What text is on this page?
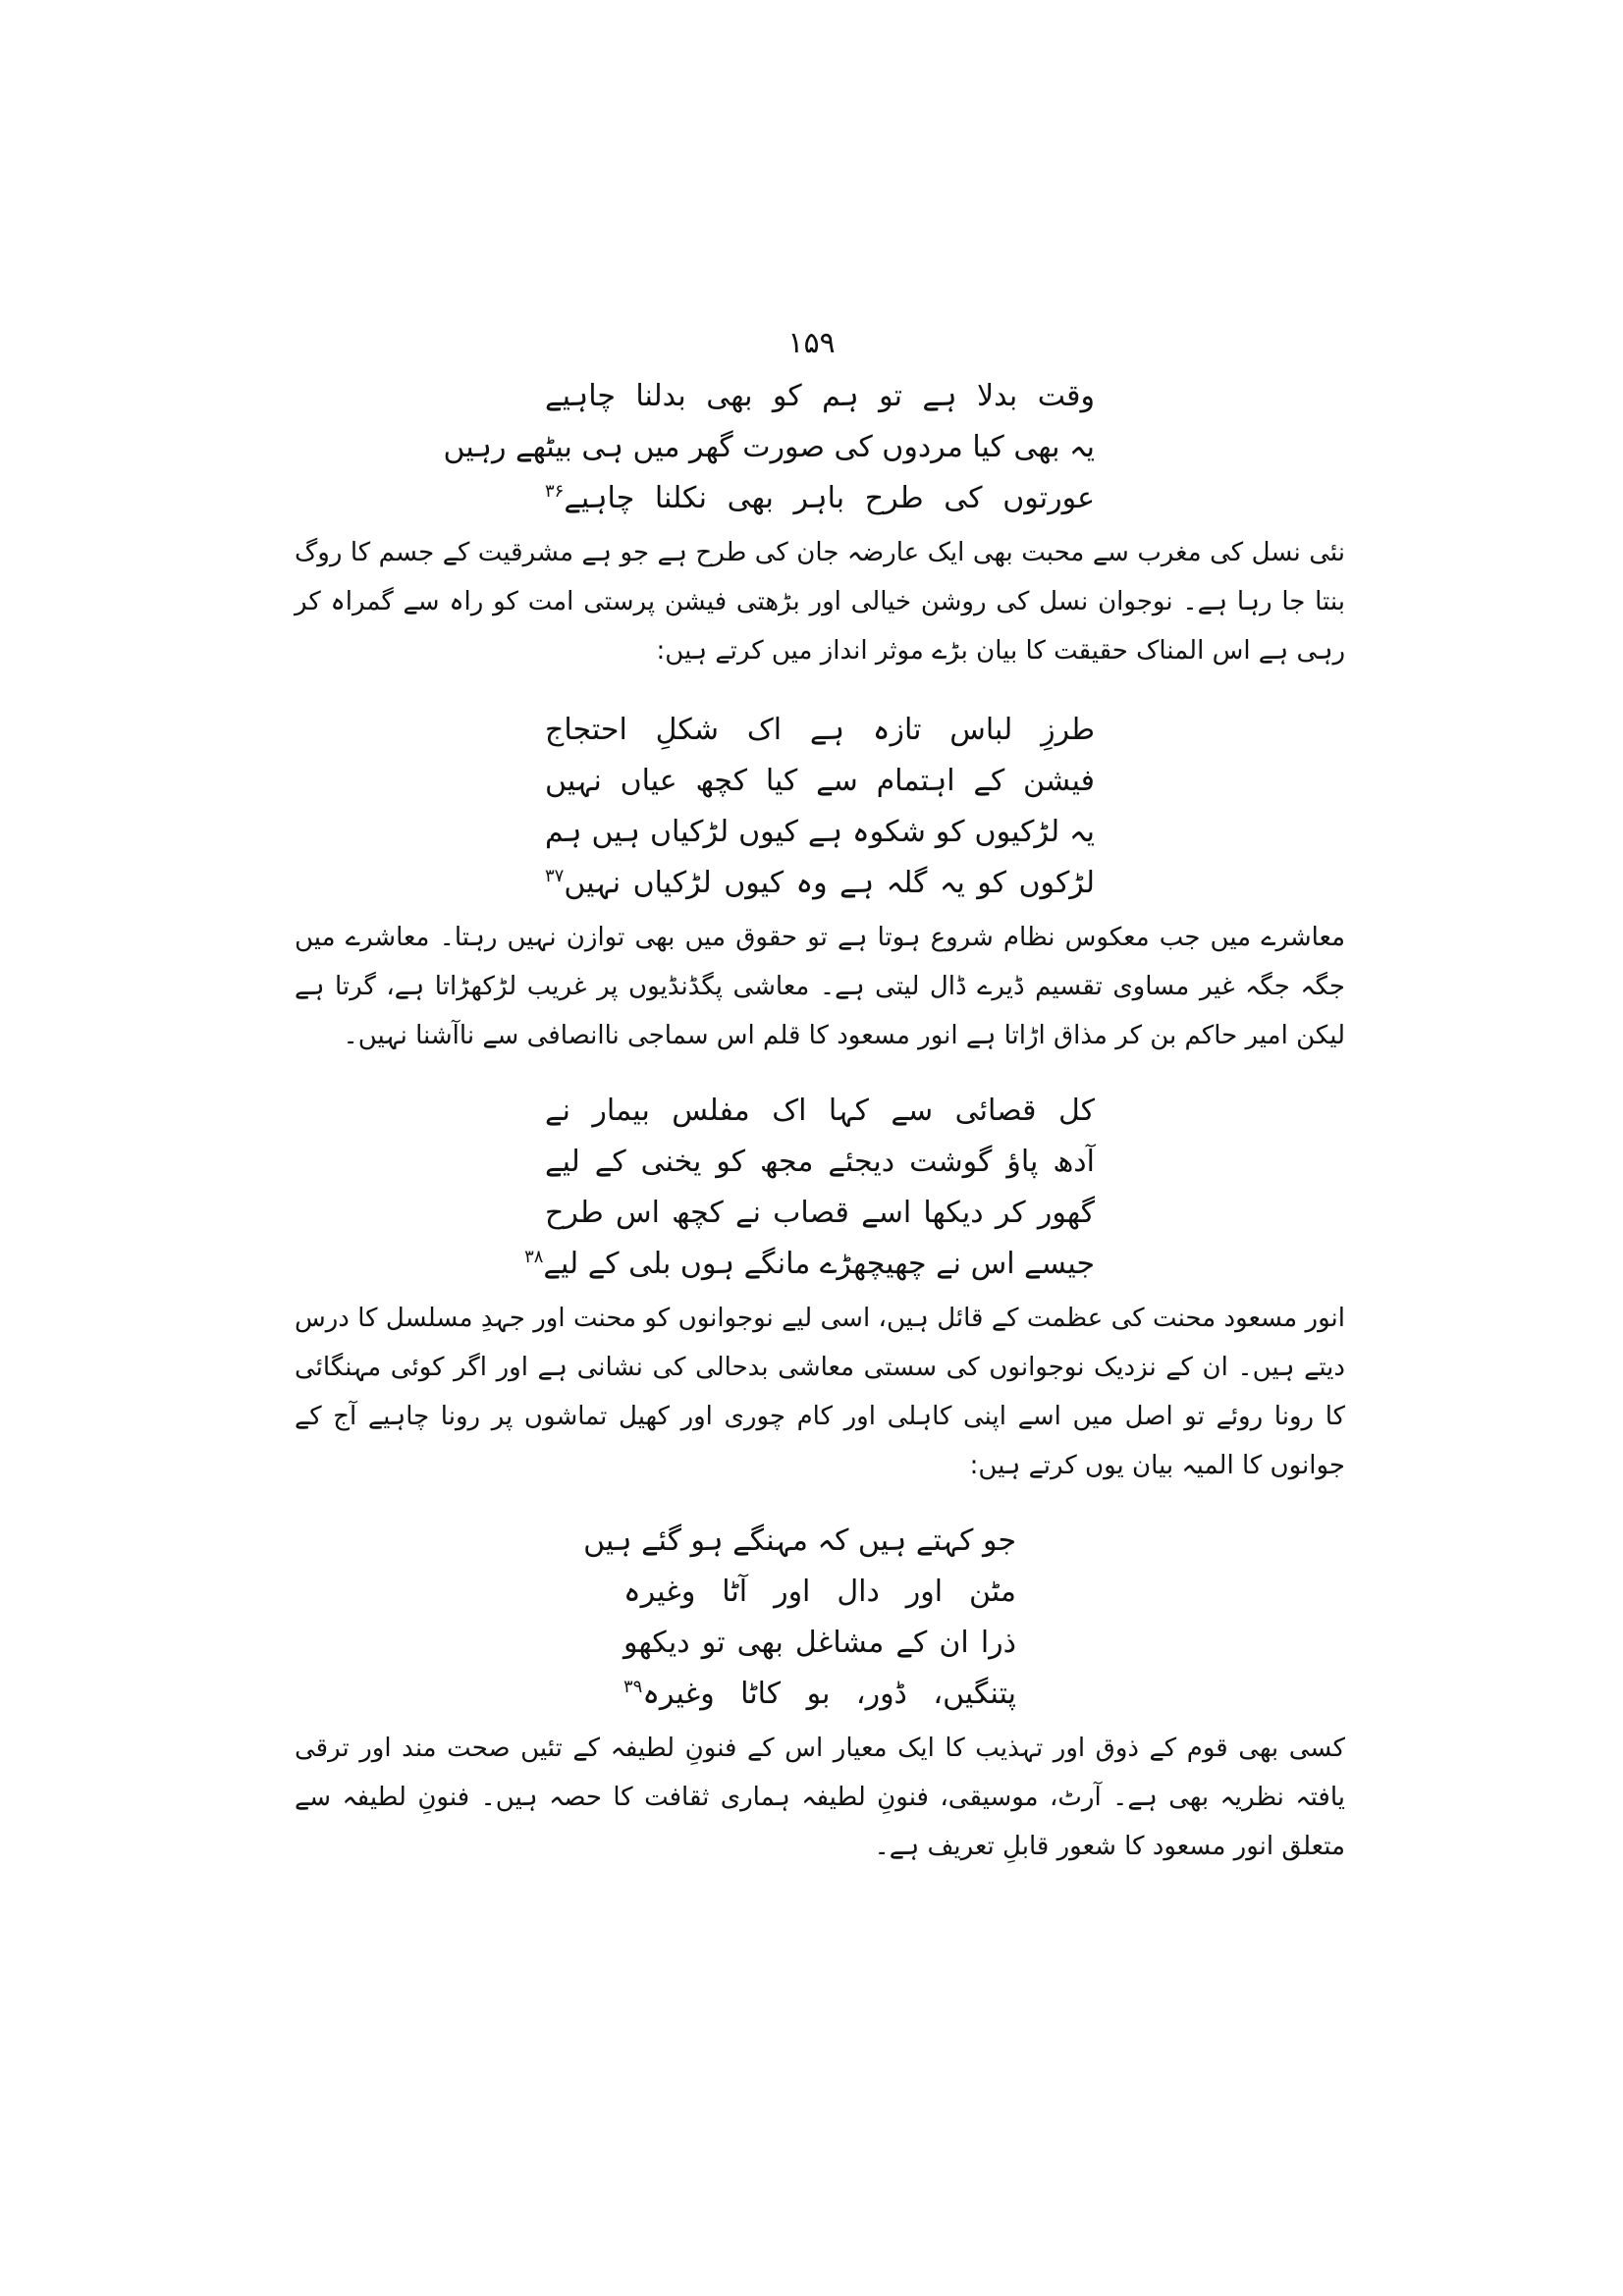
۱۵۹
وقت بدلا ہے تو ہم کو بھی بدلنا چاہیے
یہ بھی کیا مردوں کی صورت گھر میں ہی بیٹھے رہیں
عورتوں کی طرح باہر بھی نکلنا چاہیے$^{۳۶}$

نئی نسل کی مغرب سے محبت بھی ایک عارضہ جان کی طرح ہے جو ہے مشرقیت کے جسم کا روگ بنتا جا رہا ہے۔ نوجوان نسل کی روشن خیالی اور بڑھتی فیشن پرستی امت کو راہ سے گمراہ کر رہی ہے اس المناک حقیقت کا بیان بڑے موثر انداز میں کرتے ہیں:

طرزِ لباس تازہ ہے اک شکلِ احتجاج
فیشن کے اہتمام سے کیا کچھ عیاں نہیں
یہ لڑکیوں کو شکوہ ہے کیوں لڑکیاں ہیں ہم
لڑکوں کو یہ گلہ ہے وہ کیوں لڑکیاں نہیں$^{۳۷}$

معاشرے میں جب معکوس نظام شروع ہوتا ہے تو حقوق میں بھی توازن نہیں رہتا۔ معاشرے میں جگہ جگہ غیر مساوی تقسیم ڈیرے ڈال لیتی ہے۔ معاشی پگڈنڈیوں پر غریب لڑکھڑاتا ہے، گرتا ہے لیکن امیر حاکم بن کر مذاق اڑاتا ہے انور مسعود کا قلم اس سماجی ناانصافی سے ناآشنا نہیں۔

کل قصائی سے کہا اک مفلس بیمار نے
آدھ پاؤ گوشت دیجئے مجھ کو یخنی کے لیے
گھور کر دیکھا اسے قصاب نے کچھ اس طرح
جیسے اس نے چھیچھڑے مانگے ہوں بلی کے لیے$^{۳۸}$

انور مسعود محنت کی عظمت کے قائل ہیں، اسی لیے نوجوانوں کو محنت اور جہدِ مسلسل کا درس دیتے ہیں۔ ان کے نزدیک نوجوانوں کی سستی معاشی بدحالی کی نشانی ہے اور اگر کوئی مہنگائی کا رونا روئے تو اصل میں اسے اپنی کاہلی اور کام چوری اور کھیل تماشوں پر رونا چاہیے آج کے جوانوں کا المیہ بیان یوں کرتے ہیں:

جو کہتے ہیں کہ مہنگے ہو گئے ہیں
مٹن اور دال اور آٹا وغیرہ
ذرا ان کے مشاغل بھی تو دیکھو
پتنگیں، ڈور، بو کاٹا وغیرہ$^{۳۹}$

کسی بھی قوم کے ذوق اور تہذیب کا ایک معیار اس کے فنونِ لطیفہ کے تئیں صحت مند اور ترقی یافتہ نظریہ بھی ہے۔ آرٹ، موسیقی، فنونِ لطیفہ ہماری ثقافت کا حصہ ہیں۔ فنونِ لطیفہ سے متعلق انور مسعود کا شعور قابلِ تعریف ہے۔
